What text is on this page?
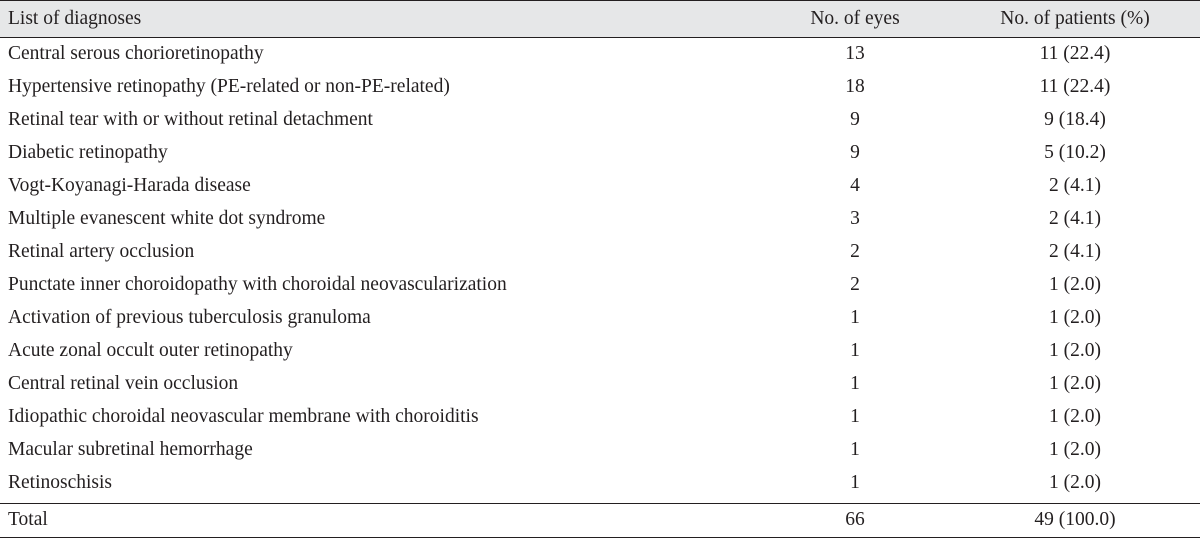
List of diagnoses	No. of eyes	No. of patients (%)
Central serous chorioretinopathy	13	11 (22.4)
Hypertensive retinopathy (PE-related or non-PE-related)	18	11 (22.4)
Retinal tear with or without retinal detachment	9	9 (18.4)
Diabetic retinopathy	9	5 (10.2)
Vogt-Koyanagi-Harada disease	4	2 (4.1)
Multiple evanescent white dot syndrome	3	2 (4.1)
Retinal artery occlusion	2	2 (4.1)
Punctate inner choroidopathy with choroidal neovascularization	2	1 (2.0)
Activation of previous tuberculosis granuloma	1	1 (2.0)
Acute zonal occult outer retinopathy	1	1 (2.0)
Central retinal vein occlusion	1	1 (2.0)
Idiopathic choroidal neovascular membrane with choroiditis	1	1 (2.0)
Macular subretinal hemorrhage	1	1 (2.0)
Retinoschisis	1	1 (2.0)
Total	66	49 (100.0)
